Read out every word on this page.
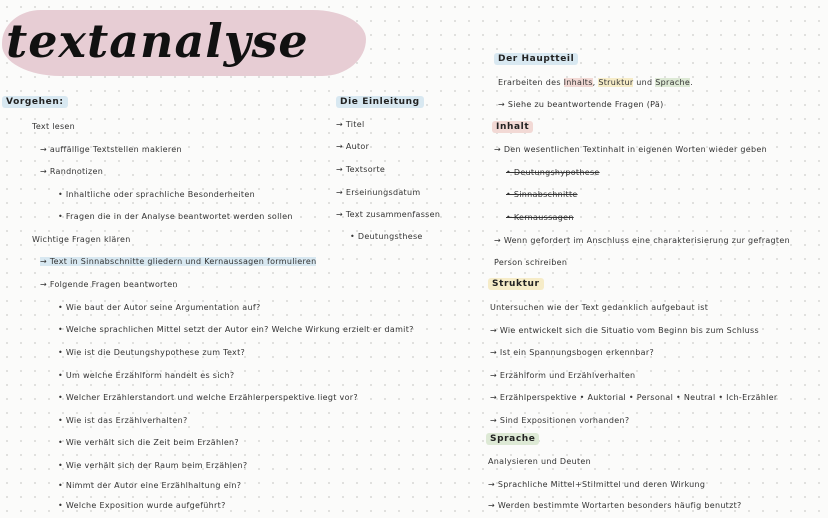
textanalyse
Vorgehen:
Text lesen
→ auffällige Textstellen makieren
→ Randnotizen
• Inhaltliche oder sprachliche Besonderheiten
• Fragen die in der Analyse beantwortet werden sollen
Wichtige Fragen klären
→ Text in Sinnabschnitte gliedern und Kernaussagen formulieren
→ Folgende Fragen beantworten
• Wie baut der Autor seine Argumentation auf?
• Welche sprachlichen Mittel setzt der Autor ein? Welche Wirkung erzielt er damit?
• Wie ist die Deutungshypothese zum Text?
• Um welche Erzählform handelt es sich?
• Welcher Erzählerstandort und welche Erzählerperspektive liegt vor?
• Wie ist das Erzählverhalten?
• Wie verhält sich die Zeit beim Erzählen?
• Wie verhält sich der Raum beim Erzählen?
• Nimmt der Autor eine Erzählhaltung ein?
• Welche Exposition wurde aufgeführt?
Die Einleitung
→ Titel
→ Autor
→ Textsorte
→ Erseinungsdatum
→ Text zusammenfassen
• Deutungsthese
Der Hauptteil
Erarbeiten des Inhalts, Struktur und Sprache.
→ Siehe zu beantwortende Fragen (Pä)
Inhalt
→ Den wesentlichen Textinhalt in eigenen Worten wieder geben
• Deutungshypothese
• Sinnabschnitte
• Kernaussagen
→ Wenn gefordert im Anschluss eine charakterisierung zur gefragten
Person schreiben
Struktur
Untersuchen wie der Text gedanklich aufgebaut ist
→ Wie entwickelt sich die Situatio vom Beginn bis zum Schluss
→ Ist ein Spannungsbogen erkennbar?
→ Erzählform und Erzählverhalten
→ Erzählperspektive • Auktorial • Personal • Neutral • Ich-Erzähler
→ Sind Expositionen vorhanden?
Sprache
Analysieren und Deuten
→ Sprachliche Mittel+Stilmittel und deren Wirkung
→ Werden bestimmte Wortarten besonders häufig benutzt?
